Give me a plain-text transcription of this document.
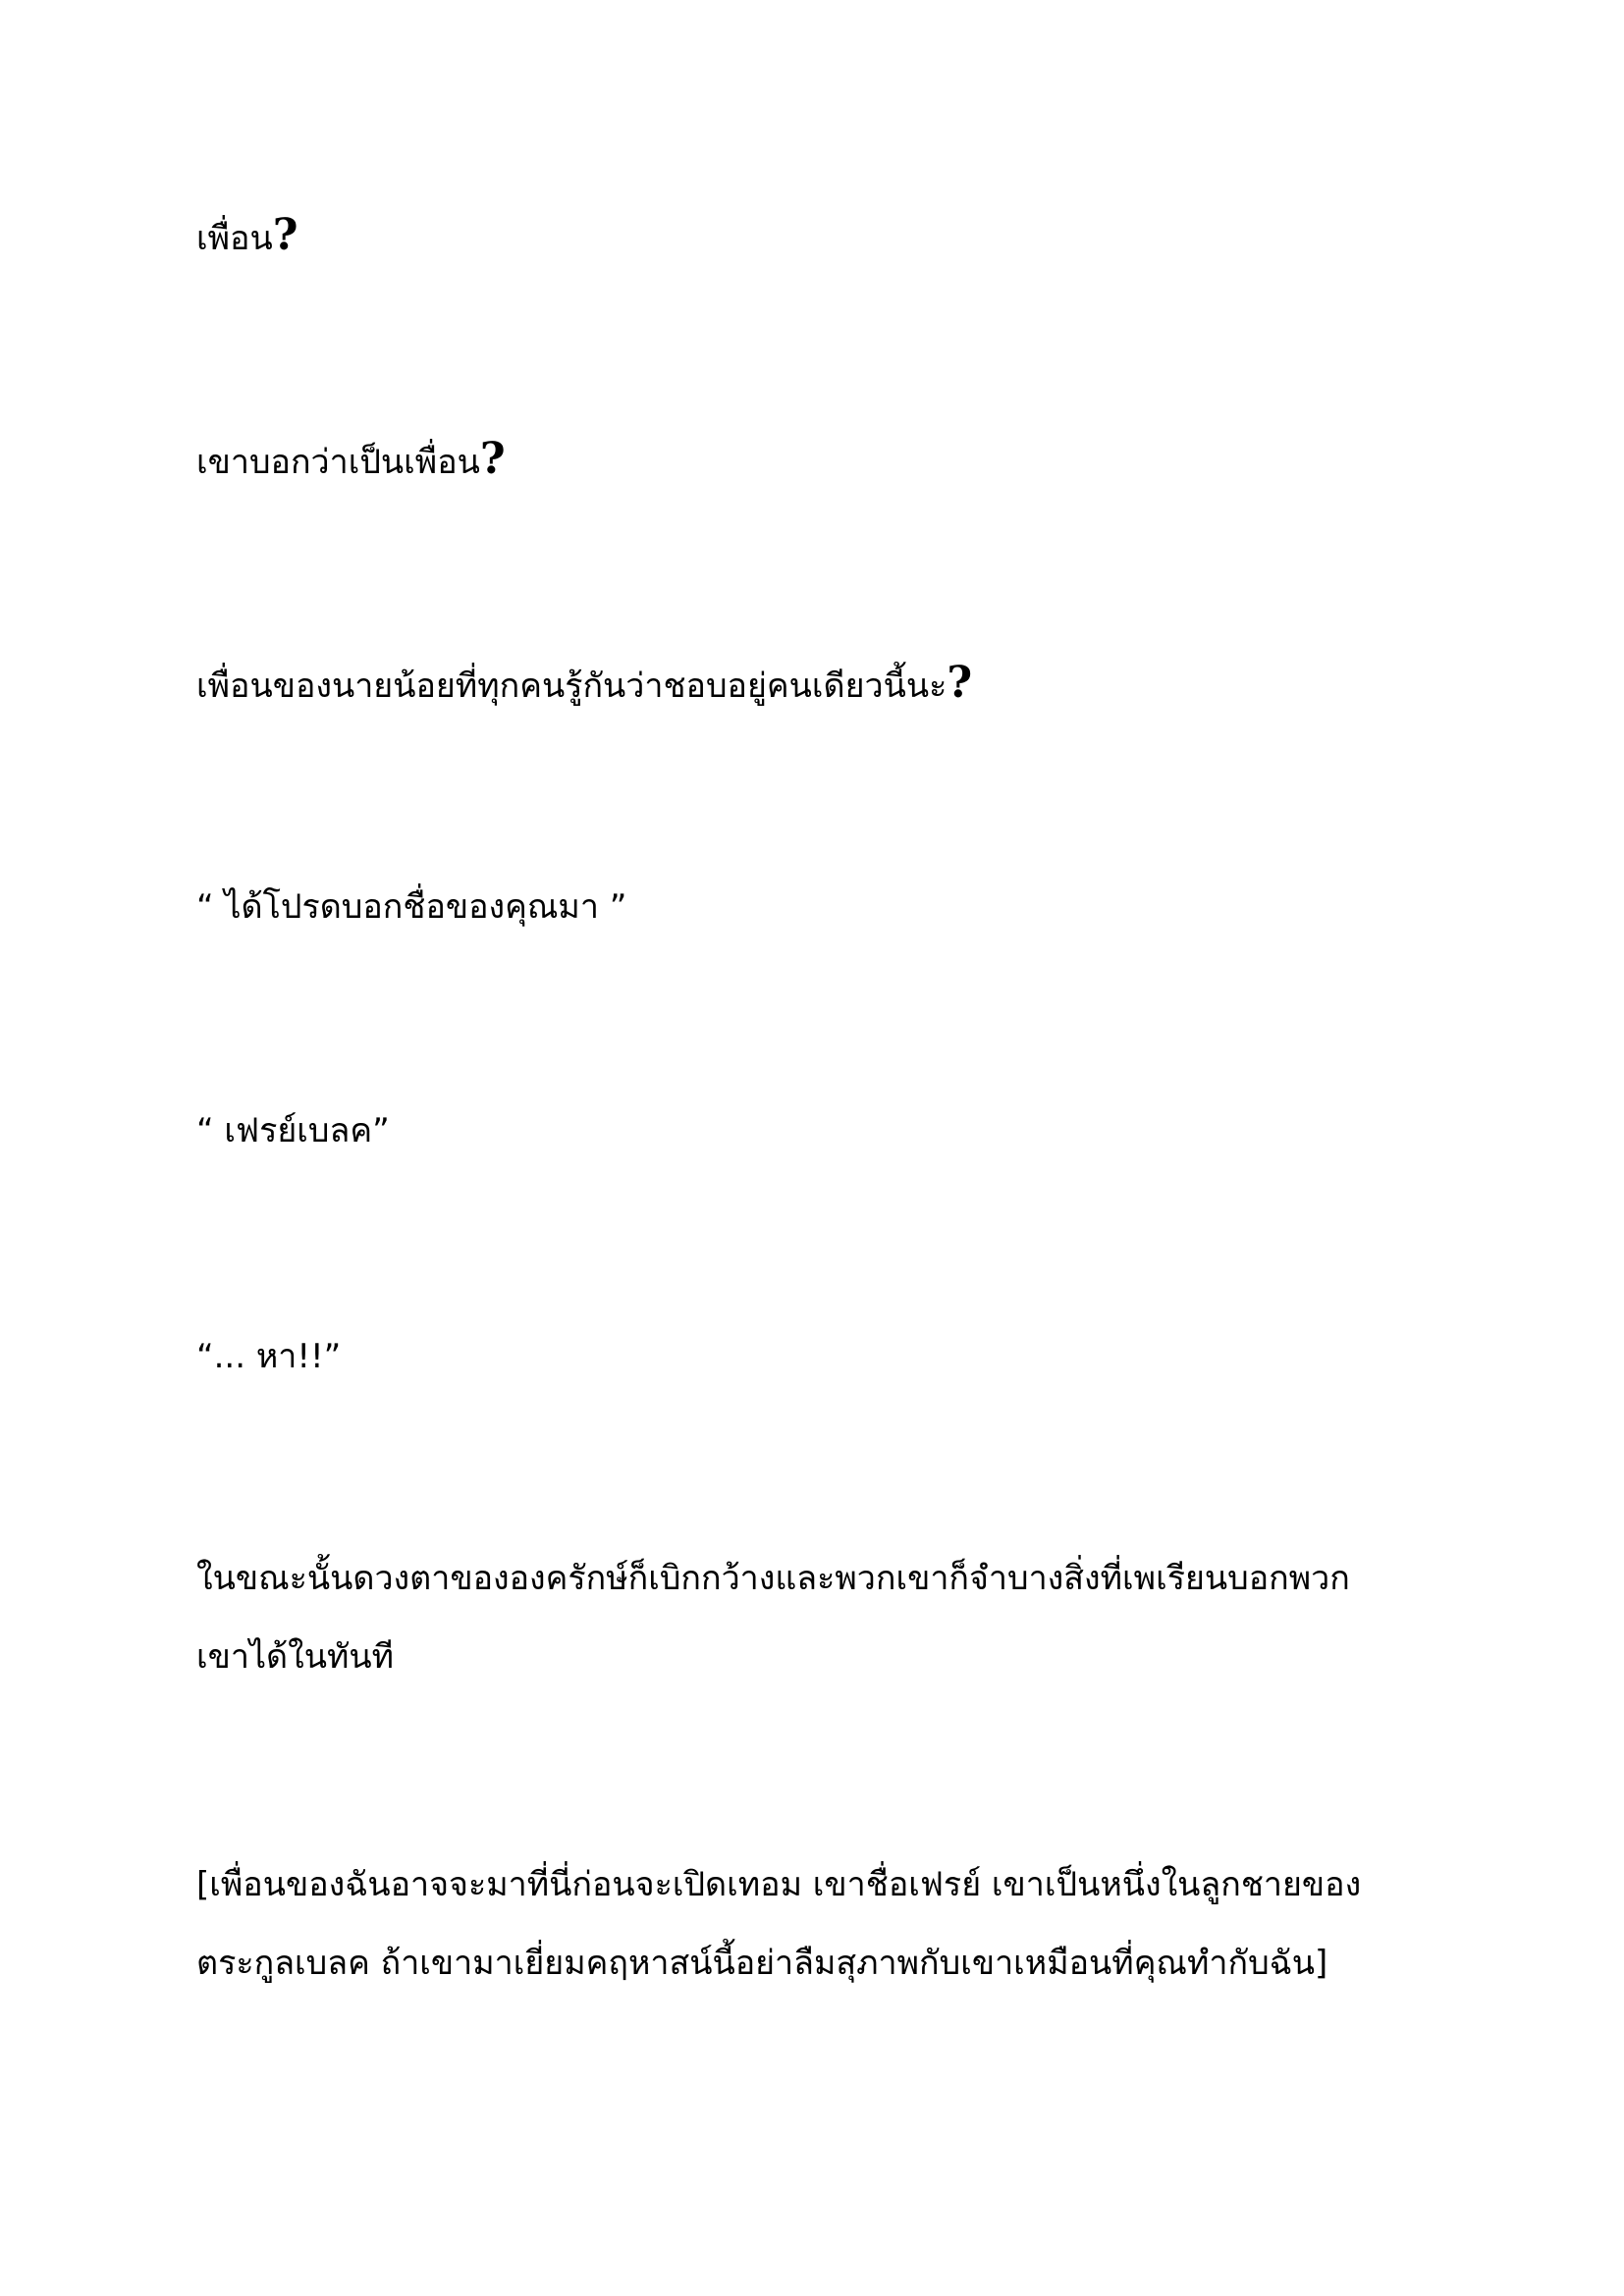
เพื่อน?

เขาบอกว่าเป็นเพื่อน?

เพื่อนของนายน้อยที่ทุกคนรู้กันว่าชอบอยู่คนเดียวนี้นะ?

“ ได้โปรดบอกชื่อของคุณมา ”

“ เฟรย์เบลค”

“... หา!!”

ในขณะนั้นดวงตาขององครักษ์ก็เบิกกว้างและพวกเขาก็จำบางสิ่งที่เพเรียนบอกพวก
เขาได้ในทันที

[เพื่อนของฉันอาจจะมาที่นี่ก่อนจะเปิดเทอม เขาชื่อเฟรย์ เขาเป็นหนึ่งในลูกชายของ
ตระกูลเบลค ถ้าเขามาเยี่ยมคฤหาสน์นี้อย่าลืมสุภาพกับเขาเหมือนที่คุณทำกับฉัน]
